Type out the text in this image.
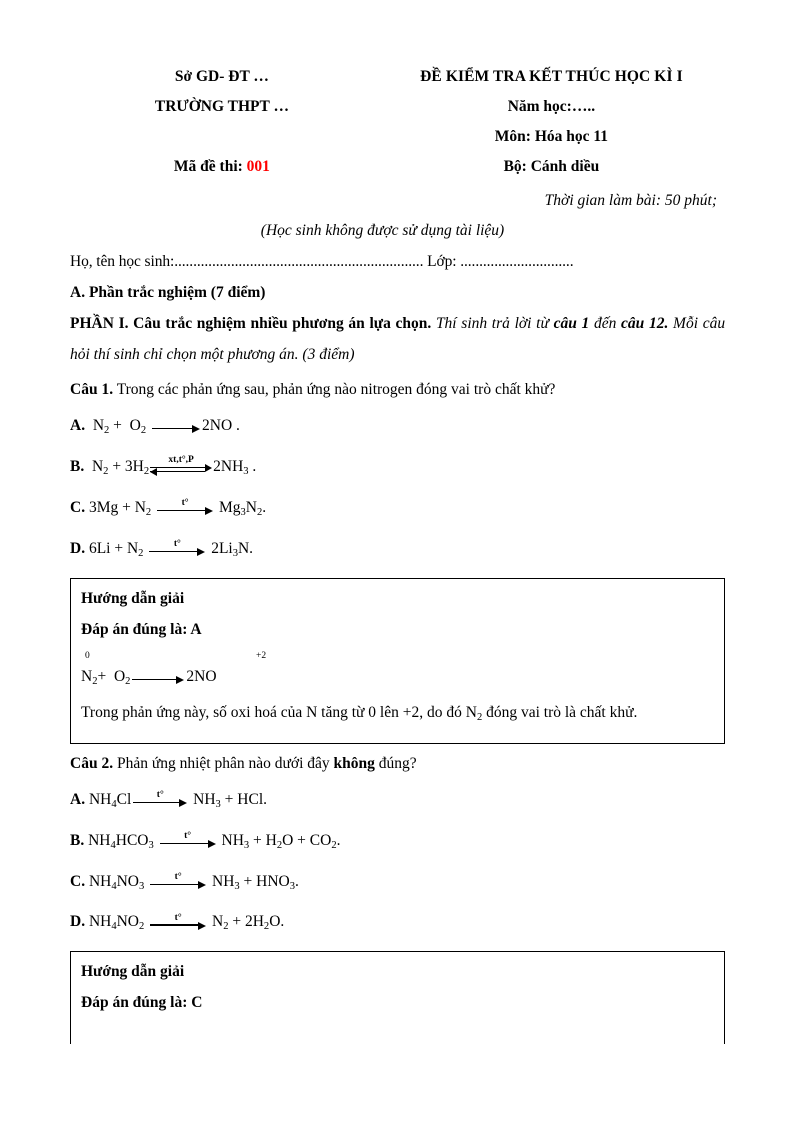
Sở GD- ĐT …
TRƯỜNG THPT …

Mã đề thi: 001
ĐỀ KIỂM TRA KẾT THÚC HỌC KÌ I
Năm học:…..
Môn: Hóa học 11
Bộ: Cánh diều
Thời gian làm bài: 50 phút;
(Học sinh không được sử dụng tài liệu)
Họ, tên học sinh:.................................................................. Lớp: ..............................
A. Phần trắc nghiệm (7 điểm)
PHẦN I. Câu trắc nghiệm nhiều phương án lựa chọn. Thí sinh trả lời từ câu 1 đến câu 12. Mỗi câu hỏi thí sinh chỉ chọn một phương án. (3 điểm)
Câu 1. Trong các phản ứng sau, phản ứng nào nitrogen đóng vai trò chất khử?
A.  $N_2 + O_2$	2NO .
B.  $N_2 + 3H_2$
xt,t°,P $2NH_3$ .
C. $3Mg + N_2$
t° $Mg_3N_2$.
D. $6Li + N_2$
t° $2Li_3N$.
Hướng dẫn giải
Đáp án đúng là: A
0	+2
$N_2+ O_2$	2NO
Trong phản ứng này, số oxi hoá của N tăng từ 0 lên +2, do đó $N_2$ đóng vai trò là chất khử.
Câu 2. Phản ứng nhiệt phân nào dưới đây không đúng?
A. $NH_4Cl$	t° $NH_3$ + HCl.
B. $NH_4HCO_3$
t° $NH_3 + H_2O + CO_2$.
C. $NH_4NO_3$
t° $NH_3 + HNO_3$.
D. $NH_4NO_2$
t° $N_2 + 2H_2O$.
Hướng dẫn giải
Đáp án đúng là: C
